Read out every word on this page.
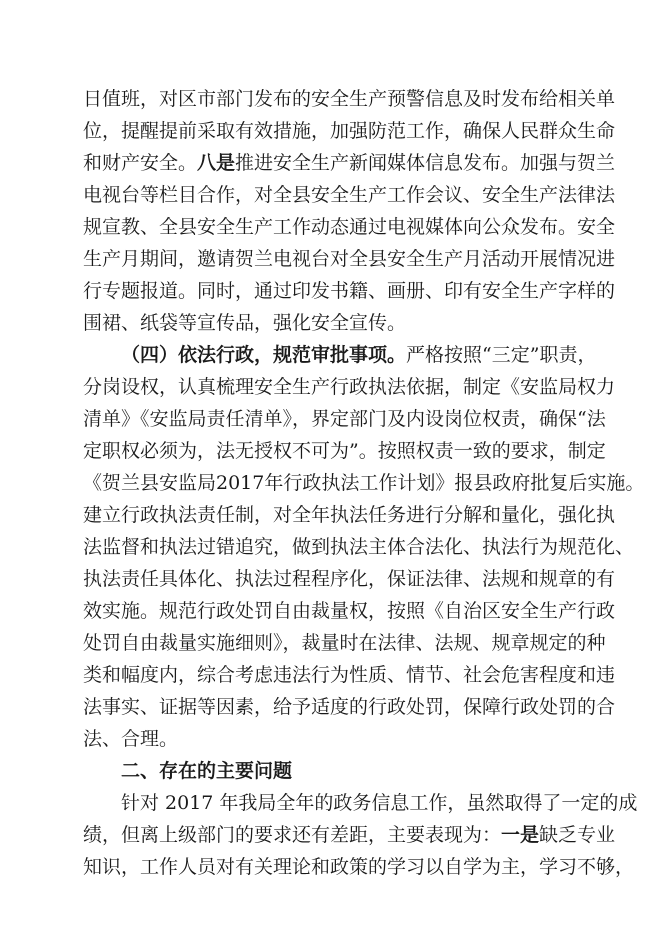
日值班，对区市部门发布的安全生产预警信息及时发布给相关单
位，提醒提前采取有效措施，加强防范工作，确保人民群众生命
和财产安全。八是推进安全生产新闻媒体信息发布。加强与贺兰
电视台等栏目合作，对全县安全生产工作会议、安全生产法律法
规宣教、全县安全生产工作动态通过电视媒体向公众发布。安全
生产月期间，邀请贺兰电视台对全县安全生产月活动开展情况进
行专题报道。同时，通过印发书籍、画册、印有安全生产字样的
围裙、纸袋等宣传品，强化安全宣传。
（四）依法行政，规范审批事项。严格按照“三定”职责，
分岗设权，认真梳理安全生产行政执法依据，制定《安监局权力
清单》《安监局责任清单》，界定部门及内设岗位权责，确保“法
定职权必须为，法无授权不可为”。按照权责一致的要求，制定
《贺兰县安监局2017年行政执法工作计划》报县政府批复后实施。
建立行政执法责任制，对全年执法任务进行分解和量化，强化执
法监督和执法过错追究，做到执法主体合法化、执法行为规范化、
执法责任具体化、执法过程程序化，保证法律、法规和规章的有
效实施。规范行政处罚自由裁量权，按照《自治区安全生产行政
处罚自由裁量实施细则》，裁量时在法律、法规、规章规定的种
类和幅度内，综合考虑违法行为性质、情节、社会危害程度和违
法事实、证据等因素，给予适度的行政处罚，保障行政处罚的合
法、合理。
二、存在的主要问题
针对 2017 年我局全年的政务信息工作，虽然取得了一定的成
绩，但离上级部门的要求还有差距，主要表现为：一是缺乏专业
知识，工作人员对有关理论和政策的学习以自学为主，学习不够，
